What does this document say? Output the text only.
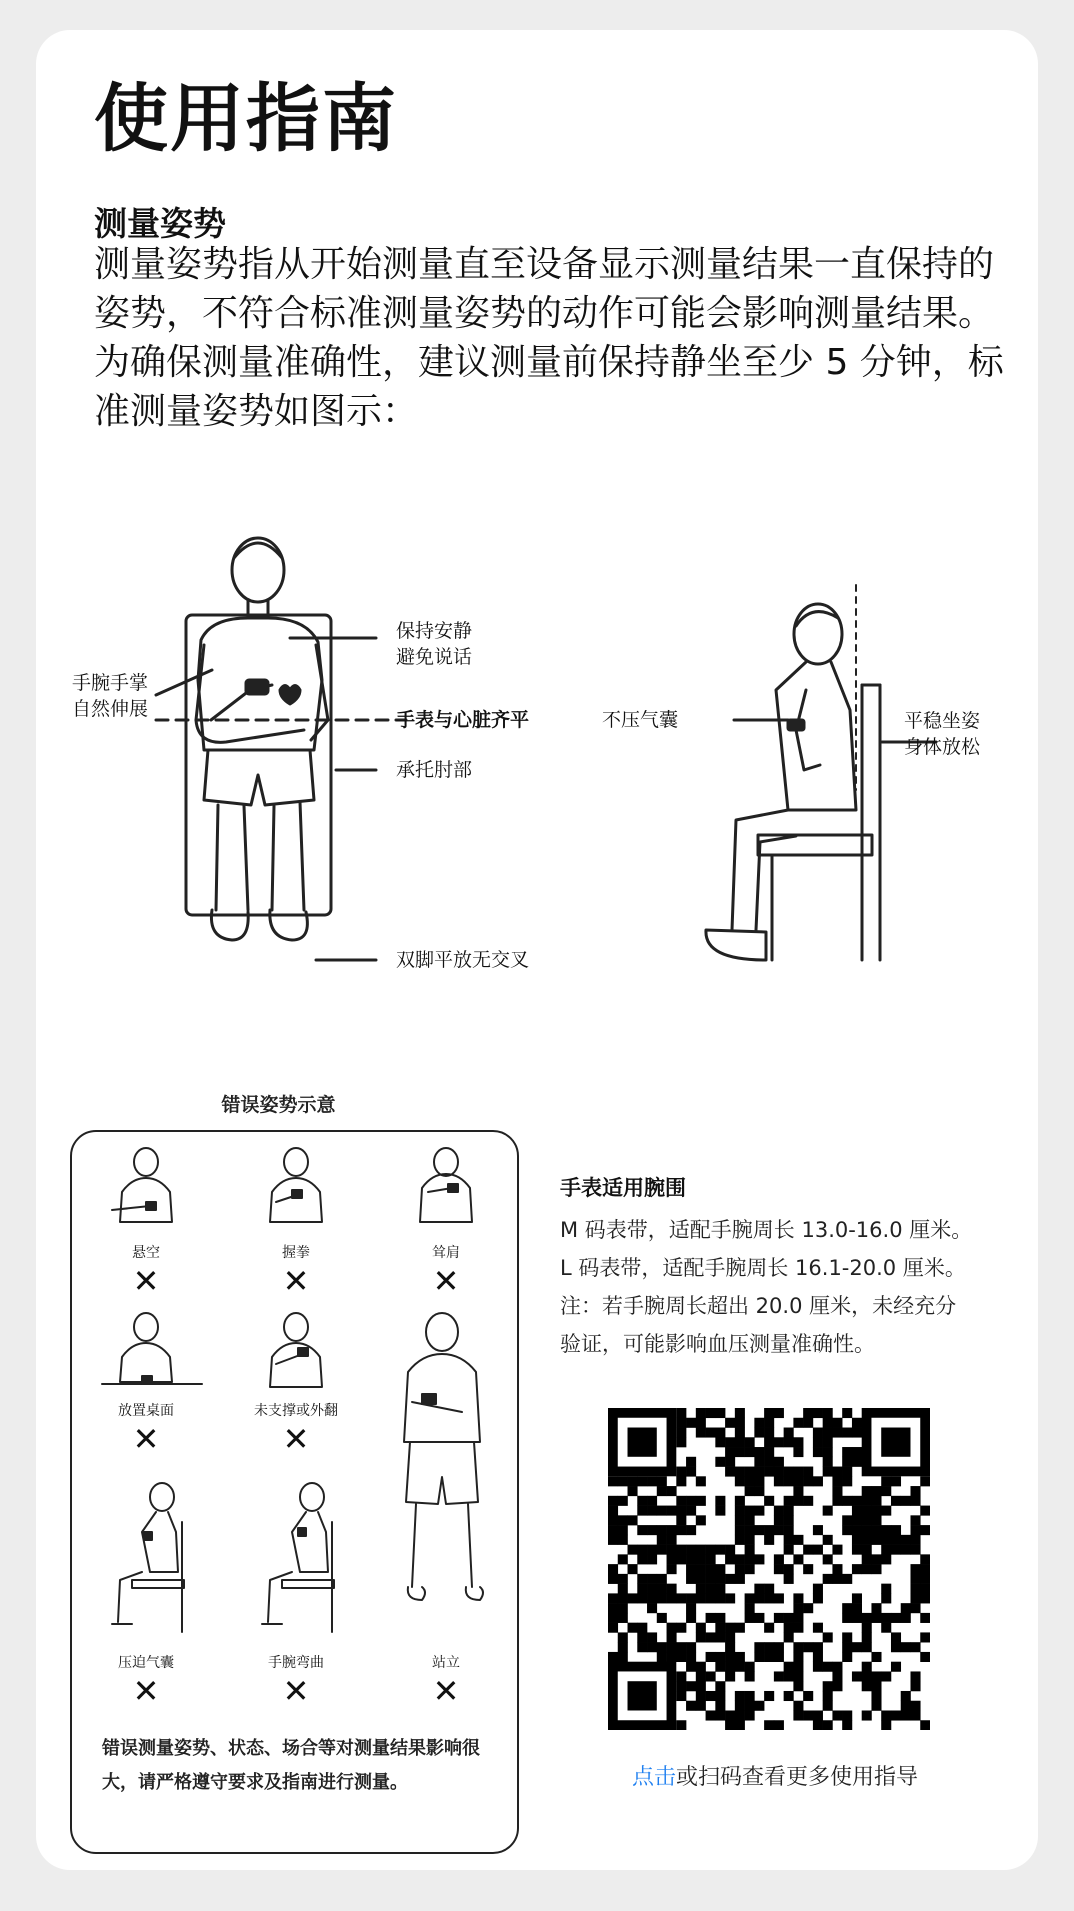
使用指南
测量姿势

测量姿势指从开始测量直至设备显示测量结果一直保持的姿势，不符合标准测量姿势的动作可能会影响测量结果。为确保测量准确性，建议测量前保持静坐至少 5 分钟，标准测量姿势如图示：

保持安静
避免说话
手腕手掌
自然伸展	手表与心脏齐平
承托肘部
双脚平放无交叉
不压气囊	平稳坐姿
身体放松
错误姿势示意
悬空	握拳	耸肩
放置桌面	未支撑或外翻
压迫气囊	手腕弯曲	站立
✕	✕	✕
✕	✕
✕	✕	✕

错误测量姿势、状态、场合等对测量结果影响很大，请严格遵守要求及指南进行测量。

手表适用腕围

M 码表带，适配手腕周长 13.0-16.0 厘米。

L 码表带，适配手腕周长 16.1-20.0 厘米。

注：若手腕周长超出 20.0 厘米，未经充分

验证，可能影响血压测量准确性。

点击或扫码查看更多使用指导
